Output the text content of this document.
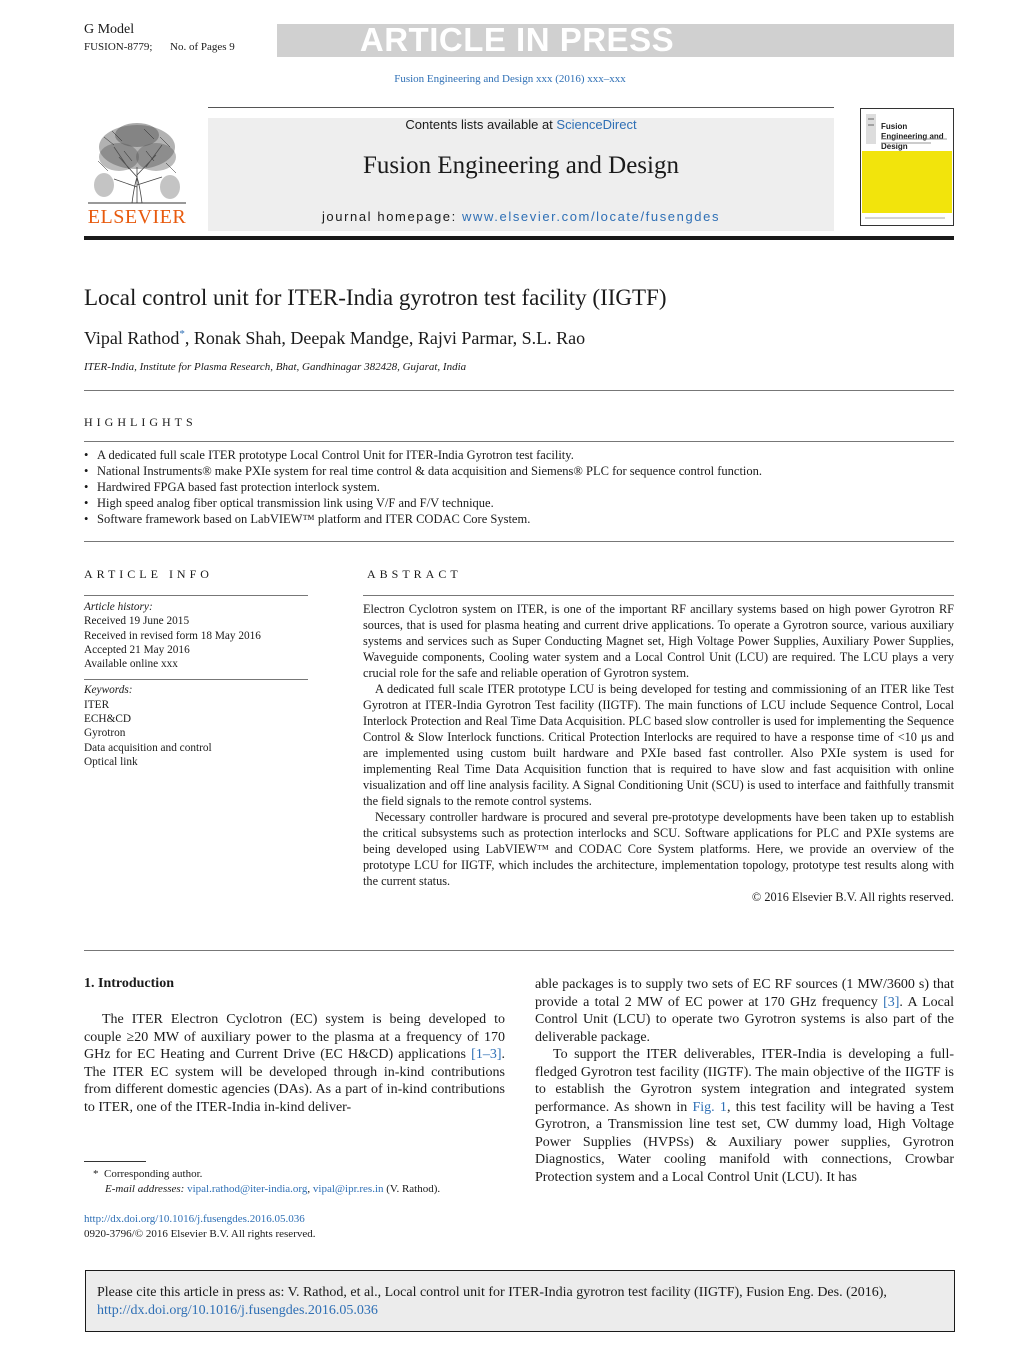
G Model
FUSION-8779; No. of Pages 9	ARTICLE IN PRESS
Fusion Engineering and Design xxx (2016) xxx–xxx
Contents lists available at ScienceDirect
Fusion Engineering and Design
journal homepage: www.elsevier.com/locate/fusengdes
ELSEVIER
Fusion Engineering and Design
Local control unit for ITER-India gyrotron test facility (IIGTF)
Vipal Rathod*, Ronak Shah, Deepak Mandge, Rajvi Parmar, S.L. Rao
ITER-India, Institute for Plasma Research, Bhat, Gandhinagar 382428, Gujarat, India
HIGHLIGHTS
• A dedicated full scale ITER prototype Local Control Unit for ITER-India Gyrotron test facility.
• National Instruments® make PXIe system for real time control & data acquisition and Siemens® PLC for sequence control function.
• Hardwired FPGA based fast protection interlock system.
• High speed analog fiber optical transmission link using V/F and F/V technique.
• Software framework based on LabVIEW™ platform and ITER CODAC Core System.
ARTICLE INFO
Article history:
Received 19 June 2015
Received in revised form 18 May 2016
Accepted 21 May 2016
Available online xxx
Keywords:
ITER
ECH&CD
Gyrotron
Data acquisition and control
Optical link
ABSTRACT

Electron Cyclotron system on ITER, is one of the important RF ancillary systems based on high power Gyrotron RF sources, that is used for plasma heating and current drive applications. To operate a Gyrotron source, various auxiliary systems and services such as Super Conducting Magnet set, High Voltage Power Supplies, Auxiliary Power Supplies, Waveguide components, Cooling water system and a Local Control Unit (LCU) are required. The LCU plays a very crucial role for the safe and reliable operation of Gyrotron system.

A dedicated full scale ITER prototype LCU is being developed for testing and commissioning of an ITER like Test Gyrotron at ITER-India Gyrotron Test facility (IIGTF). The main functions of LCU include Sequence Control, Local Interlock Protection and Real Time Data Acquisition. PLC based slow controller is used for implementing the Sequence Control & Slow Interlock functions. Critical Protection Interlocks are required to have a response time of <10 μs and are implemented using custom built hardware and PXIe based fast controller. Also PXIe system is used for implementing Real Time Data Acquisition function that is required to have slow and fast acquisition with online visualization and off line analysis facility. A Signal Conditioning Unit (SCU) is used to interface and faithfully transmit the field signals to the remote control systems.

Necessary controller hardware is procured and several pre-prototype developments have been taken up to establish the critical subsystems such as protection interlocks and SCU. Software applications for PLC and PXIe systems are being developed using LabVIEW™ and CODAC Core System platforms. Here, we provide an overview of the prototype LCU for IIGTF, which includes the architecture, implementation topology, prototype test results along with the current status.

© 2016 Elsevier B.V. All rights reserved.

1. Introduction

The ITER Electron Cyclotron (EC) system is being developed to couple ≥20 MW of auxiliary power to the plasma at a frequency of 170 GHz for EC Heating and Current Drive (EC H&CD) applications [1–3]. The ITER EC system will be developed through in-kind contributions from different domestic agencies (DAs). As a part of in-kind contributions to ITER, one of the ITER-India in-kind deliver-

able packages is to supply two sets of EC RF sources (1 MW/3600 s) that provide a total 2 MW of EC power at 170 GHz frequency [3]. A Local Control Unit (LCU) to operate two Gyrotron systems is also part of the deliverable package.

To support the ITER deliverables, ITER-India is developing a full-fledged Gyrotron test facility (IIGTF). The main objective of the IIGTF is to establish the Gyrotron system integration and integrated system performance. As shown in Fig. 1, this test facility will be having a Test Gyrotron, a Transmission line test set, CW dummy load, High Voltage Power Supplies (HVPSs) & Auxiliary power supplies, Gyrotron Diagnostics, Water cooling manifold with connections, Crowbar Protection system and a Local Control Unit (LCU). It has

* Corresponding author.
E-mail addresses: vipal.rathod@iter-india.org, vipal@ipr.res.in (V. Rathod).
http://dx.doi.org/10.1016/j.fusengdes.2016.05.036
0920-3796/© 2016 Elsevier B.V. All rights reserved.
Please cite this article in press as: V. Rathod, et al., Local control unit for ITER-India gyrotron test facility (IIGTF), Fusion Eng. Des. (2016),
http://dx.doi.org/10.1016/j.fusengdes.2016.05.036
